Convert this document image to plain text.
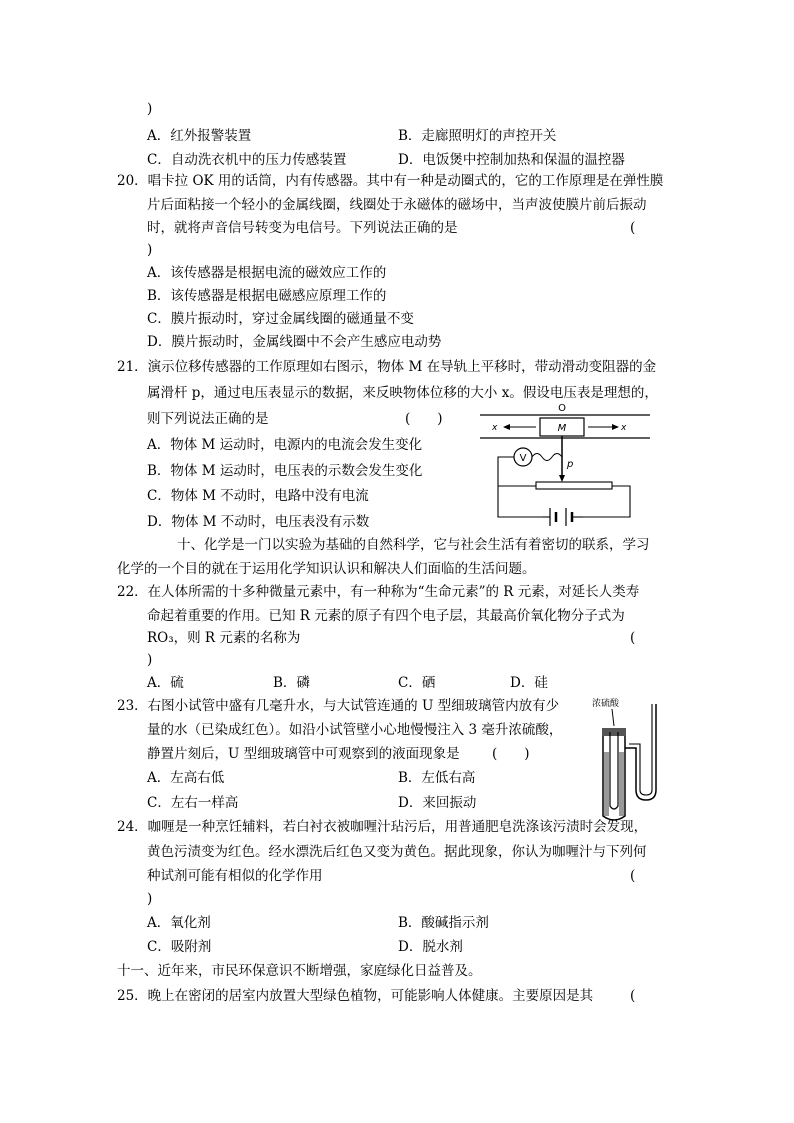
)
A．红外报警装置	B．走廊照明灯的声控开关
C．自动洗衣机中的压力传感装置	D．电饭煲中控制加热和保温的温控器
20．唱卡拉 OK 用的话筒，内有传感器。其中有一种是动圈式的，它的工作原理是在弹性膜
片后面粘接一个轻小的金属线圈，线圈处于永磁体的磁场中，当声波使膜片前后振动
时，就将声音信号转变为电信号。下列说法正确的是	(
)
A．该传感器是根据电流的磁效应工作的
B．该传感器是根据电磁感应原理工作的
C．膜片振动时，穿过金属线圈的磁通量不变
D．膜片振动时，金属线圈中不会产生感应电动势
21．演示位移传感器的工作原理如右图示，物体 M 在导轨上平移时，带动滑动变阻器的金
属滑杆 p，通过电压表显示的数据，来反映物体位移的大小 x。假设电压表是理想的，
则下列说法正确的是	(　　)
A．物体 M 运动时，电源内的电流会发生变化
B．物体 M 运动时，电压表的示数会发生变化
C．物体 M 不动时，电路中没有电流
D．物体 M 不动时，电压表没有示数
O
M
x	x
p
V
十、化学是一门以实验为基础的自然科学，它与社会生活有着密切的联系，学习
化学的一个目的就在于运用化学知识认识和解决人们面临的生活问题。
22．在人体所需的十多种微量元素中，有一种称为“生命元素”的 R 元素，对延长人类寿
命起着重要的作用。已知 R 元素的原子有四个电子层，其最高价氧化物分子式为
RO₃，则 R 元素的名称为	(
)
A．硫	B．磷	C．硒	D．硅
23．右图小试管中盛有几毫升水，与大试管连通的 U 型细玻璃管内放有少
量的水（已染成红色）。如沿小试管壁小心地慢慢注入 3 毫升浓硫酸，
静置片刻后，U 型细玻璃管中可观察到的液面现象是 (　　)
A．左高右低	B．左低右高
C．左右一样高	D．来回振动
浓硫酸
24．咖喱是一种烹饪辅料，若白衬衣被咖喱汁玷污后，用普通肥皂洗涤该污渍时会发现，
黄色污渍变为红色。经水漂洗后红色又变为黄色。据此现象，你认为咖喱汁与下列何
种试剂可能有相似的化学作用	(
)
A．氧化剂	B．酸碱指示剂
C．吸附剂	D．脱水剂
十一、近年来，市民环保意识不断增强，家庭绿化日益普及。
25．晚上在密闭的居室内放置大型绿色植物，可能影响人体健康。主要原因是其	(
